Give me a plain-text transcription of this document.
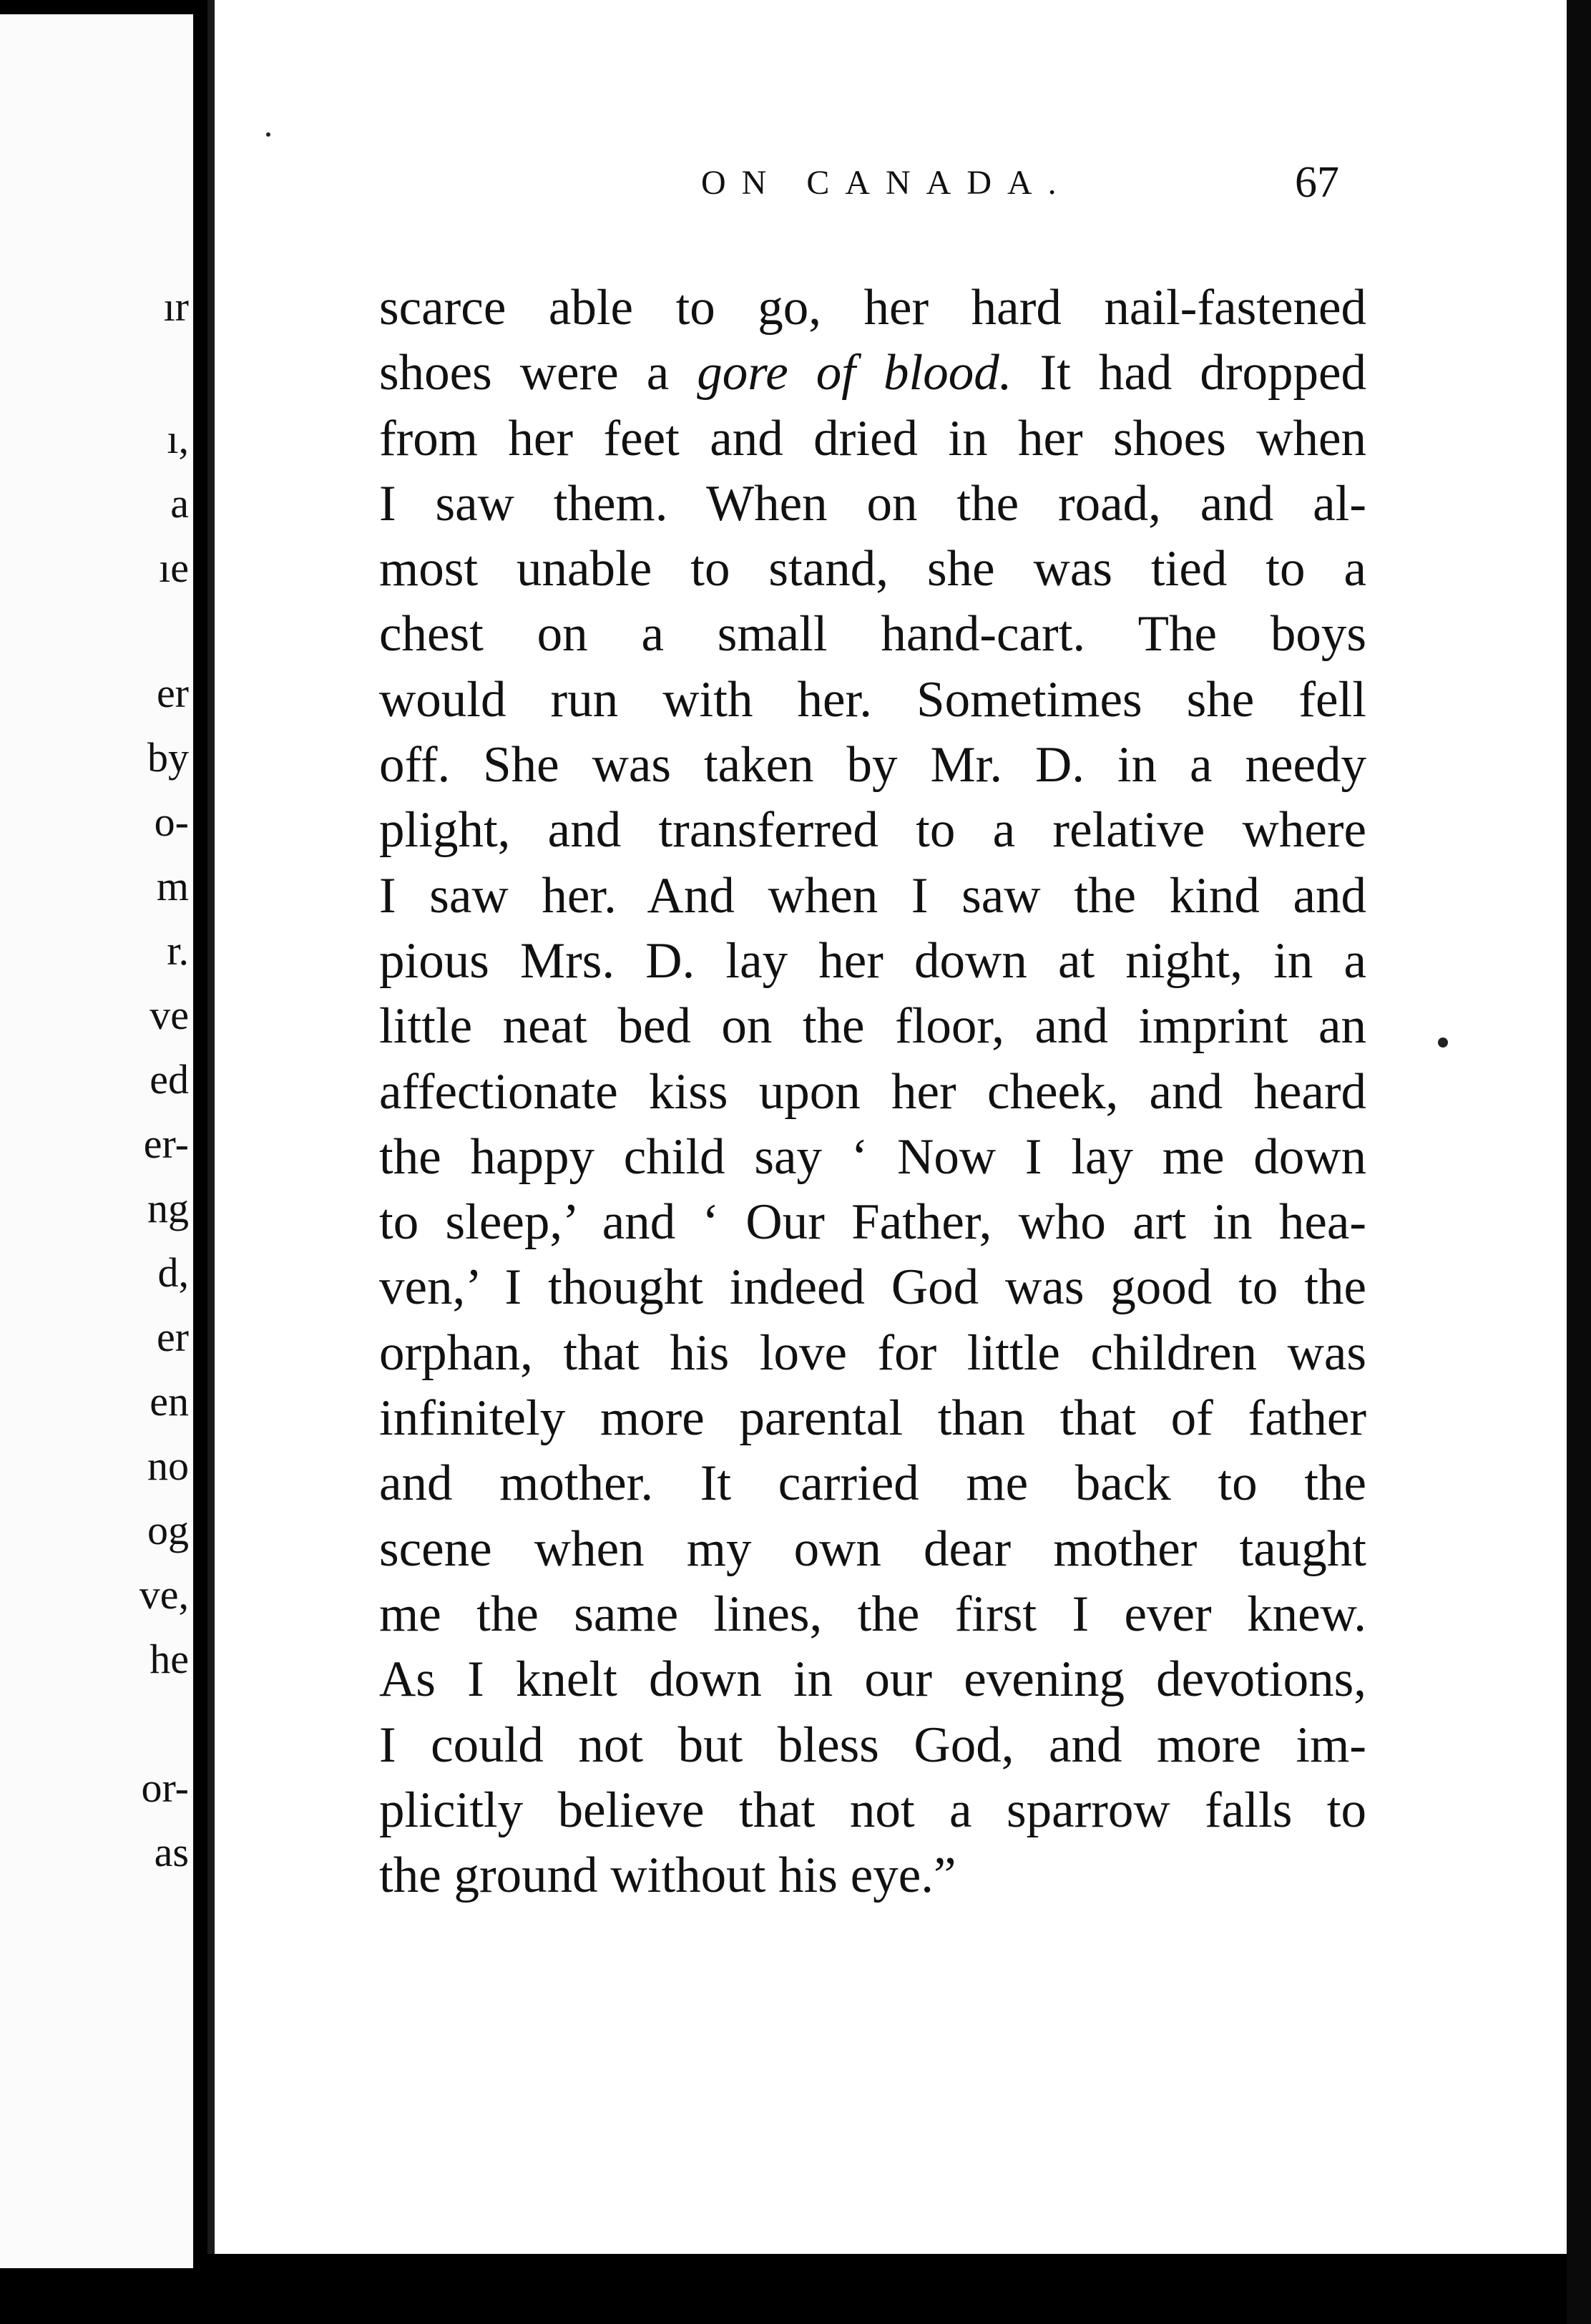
ır
ı,
a
ıe
er
by
o-
m
r.
ve
ed
er-
ng
d,
er
en
no
og
ve,
he
or-
as
ON CANADA.	67
scarce able to go, her hard nail-fastened
shoes were a gore of blood. It had dropped
from her feet and dried in her shoes when
I saw them. When on the road, and al-
most unable to stand, she was tied to a
chest on a small hand-cart. The boys
would run with her. Sometimes she fell
off. She was taken by Mr. D. in a needy
plight, and transferred to a relative where
I saw her. And when I saw the kind and
pious Mrs. D. lay her down at night, in a
little neat bed on the floor, and imprint an
affectionate kiss upon her cheek, and heard
the happy child say ‘ Now I lay me down
to sleep,’ and ‘ Our Father, who art in hea-
ven,’ I thought indeed God was good to the
orphan, that his love for little children was
infinitely more parental than that of father
and mother. It carried me back to the
scene when my own dear mother taught
me the same lines, the first I ever knew.
As I knelt down in our evening devotions,
I could not but bless God, and more im-
plicitly believe that not a sparrow falls to
the ground without his eye.”
